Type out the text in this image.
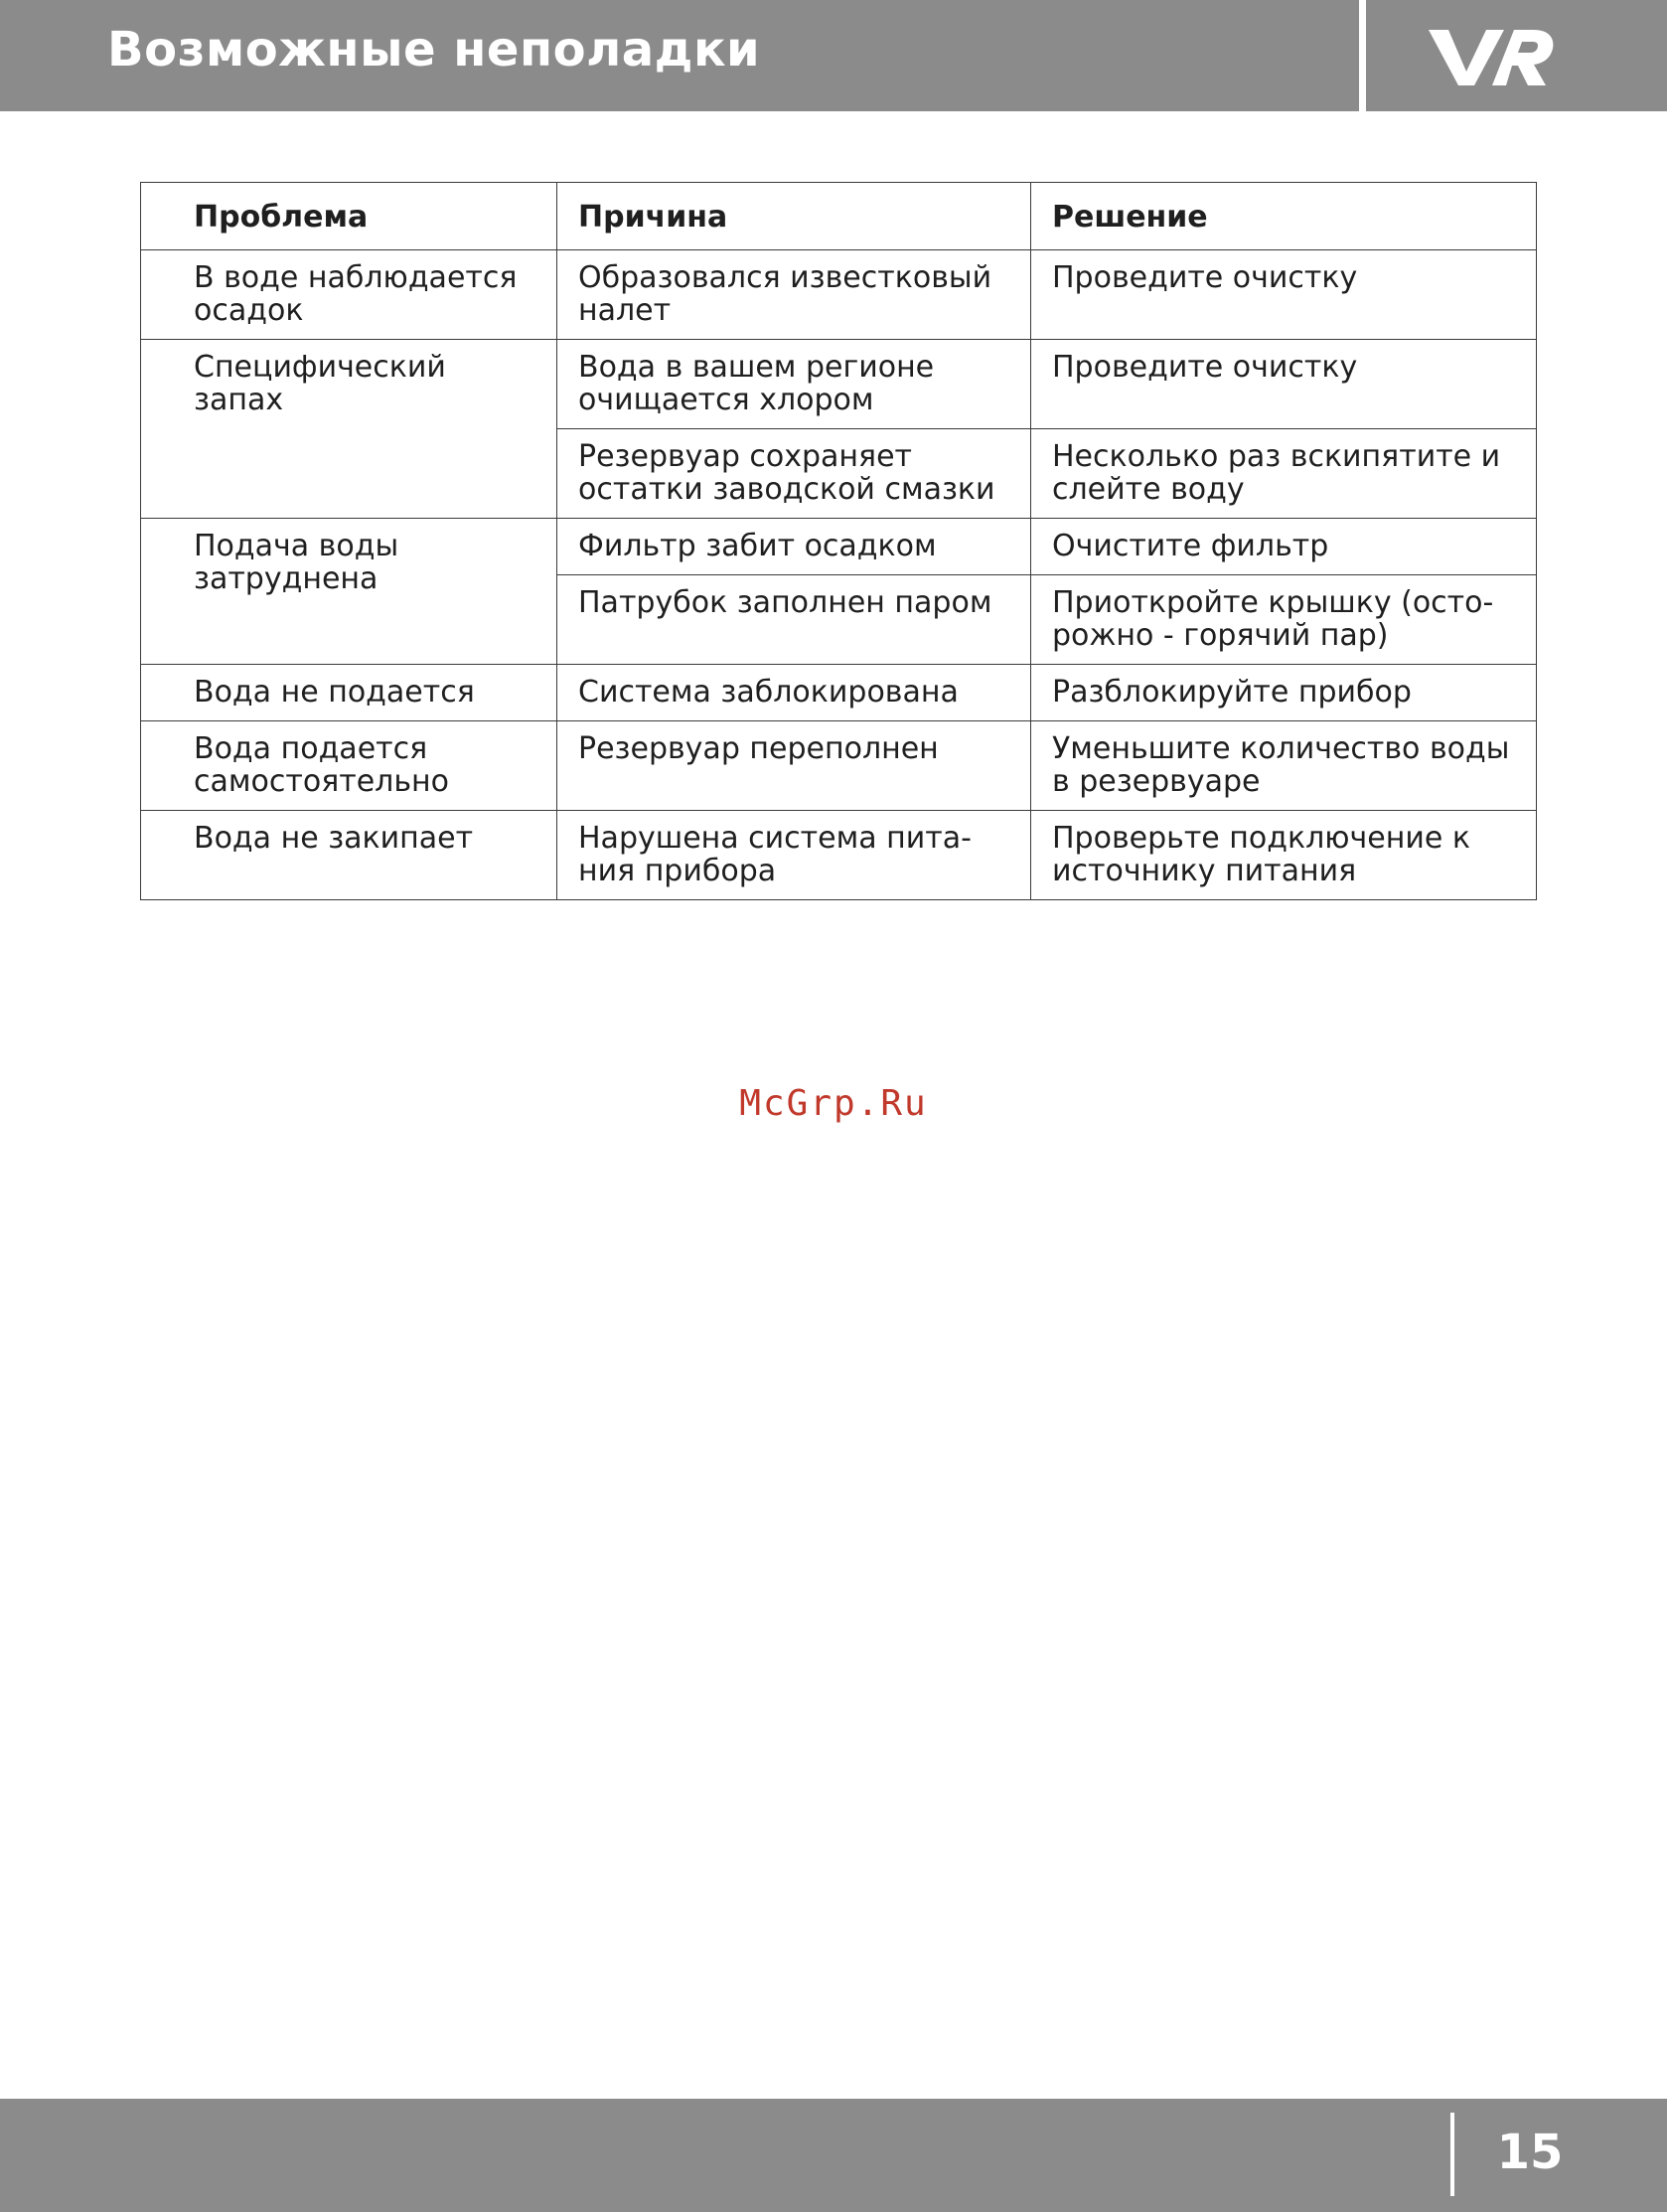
Возможные неполадки
Проблема	Причина	Решение
В воде наблюдается осадок	Образовался известковый налет	Проведите очистку
Специфический запах	Вода в вашем регионе очищается хлором	Проведите очистку
	Резервуар сохраняет остатки заводской смазки	Несколько раз вскипятите и слейте воду
Подача воды затруднена	Фильтр забит осадком	Очистите фильтр
	Патрубок заполнен паром	Приоткройте крышку (осторожно - горячий пар)
Вода не подается	Система заблокирована	Разблокируйте прибор
Вода подается самостоятельно	Резервуар переполнен	Уменьшите количество воды в резервуаре
Вода не закипает	Нарушена система питания прибора	Проверьте подключение к источнику питания
McGrp.Ru
15
